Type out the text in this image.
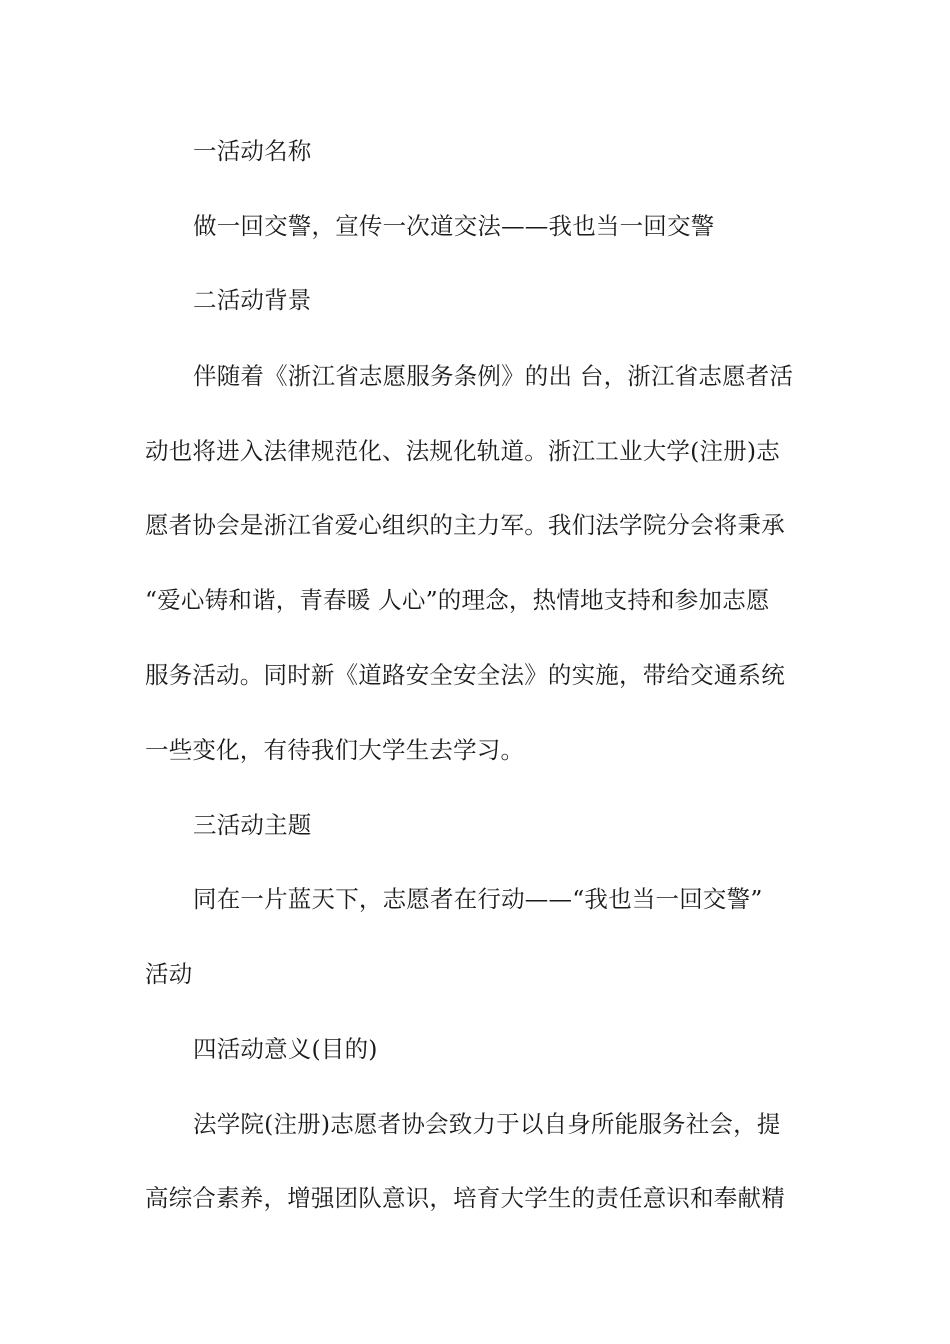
一活动名称
做一回交警，宣传一次道交法——我也当一回交警
二活动背景
伴随着《浙江省志愿服务条例》的出 台，浙江省志愿者活
动也将进入法律规范化、法规化轨道。浙江工业大学(注册)志
愿者协会是浙江省爱心组织的主力军。我们法学院分会将秉承
“爱心铸和谐，青春暖 人心”的理念，热情地支持和参加志愿
服务活动。同时新《道路安全安全法》的实施，带给交通系统
一些变化，有待我们大学生去学习。
三活动主题
同在一片蓝天下，志愿者在行动——“我也当一回交警”
活动
四活动意义(目的)
法学院(注册)志愿者协会致力于以自身所能服务社会，提
高综合素养，增强团队意识，培育大学生的责任意识和奉献精
